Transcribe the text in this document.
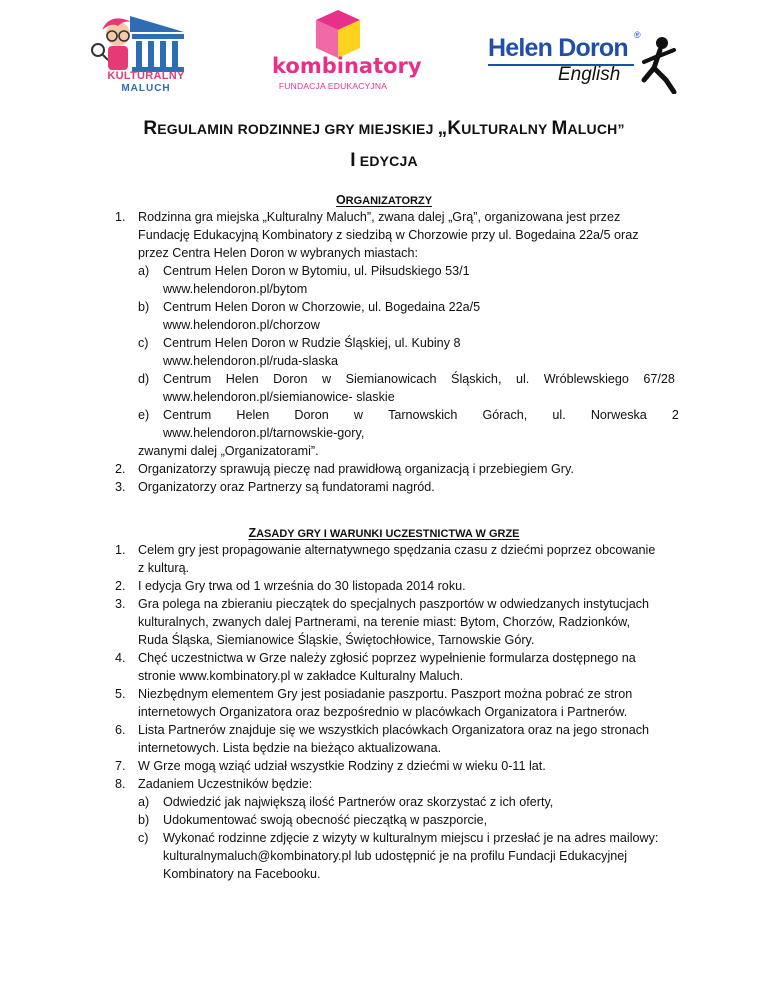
KULTURALNY
MALUCH
kombinatory
FUNDACJA EDUKACYJNA
Helen Doron ®
English
REGULAMIN RODZINNEJ GRY MIEJSKIEJ „KULTURALNY MALUCH”
I EDYCJA
ORGANIZATORZY
1. Rodzinna gra miejska „Kulturalny Maluch”, zwana dalej „Grą”, organizowana jest przez
Fundację Edukacyjną Kombinatory z siedzibą w Chorzowie przy ul. Bogedaina 22a/5 oraz
przez Centra Helen Doron w wybranych miastach:
a) Centrum Helen Doron w Bytomiu, ul. Piłsudskiego 53/1
www.helendoron.pl/bytom
b) Centrum Helen Doron w Chorzowie, ul. Bogedaina 22a/5
www.helendoron.pl/chorzow
c) Centrum Helen Doron w Rudzie Śląskiej, ul. Kubiny 8
www.helendoron.pl/ruda-slaska
d) Centrum Helen Doron w Siemianowicach Śląskich, ul. Wróblewskiego 67/28
www.helendoron.pl/siemianowice- slaskie
e) Centrum Helen Doron w Tarnowskich Górach, ul. Norweska 2
www.helendoron.pl/tarnowskie-gory,
zwanymi dalej „Organizatorami”.
2. Organizatorzy sprawują pieczę nad prawidłową organizacją i przebiegiem Gry.
3. Organizatorzy oraz Partnerzy są fundatorami nagród.
ZASADY GRY I WARUNKI UCZESTNICTWA W GRZE
1. Celem gry jest propagowanie alternatywnego spędzania czasu z dziećmi poprzez obcowanie
z kulturą.
2. I edycja Gry trwa od 1 września do 30 listopada 2014 roku.
3. Gra polega na zbieraniu pieczątek do specjalnych paszportów w odwiedzanych instytucjach
kulturalnych, zwanych dalej Partnerami, na terenie miast: Bytom, Chorzów, Radzionków,
Ruda Śląska, Siemianowice Śląskie, Świętochłowice, Tarnowskie Góry.
4. Chęć uczestnictwa w Grze należy zgłosić poprzez wypełnienie formularza dostępnego na
stronie www.kombinatory.pl w zakładce Kulturalny Maluch.
5. Niezbędnym elementem Gry jest posiadanie paszportu. Paszport można pobrać ze stron
internetowych Organizatora oraz bezpośrednio w placówkach Organizatora i Partnerów.
6. Lista Partnerów znajduje się we wszystkich placówkach Organizatora oraz na jego stronach
internetowych. Lista będzie na bieżąco aktualizowana.
7. W Grze mogą wziąć udział wszystkie Rodziny z dziećmi w wieku 0-11 lat.
8. Zadaniem Uczestników będzie:
a) Odwiedzić jak największą ilość Partnerów oraz skorzystać z ich oferty,
b) Udokumentować swoją obecność pieczątką w paszporcie,
c) Wykonać rodzinne zdjęcie z wizyty w kulturalnym miejscu i przesłać je na adres mailowy:
kulturalnymaluch@kombinatory.pl lub udostępnić je na profilu Fundacji Edukacyjnej
Kombinatory na Facebooku.
